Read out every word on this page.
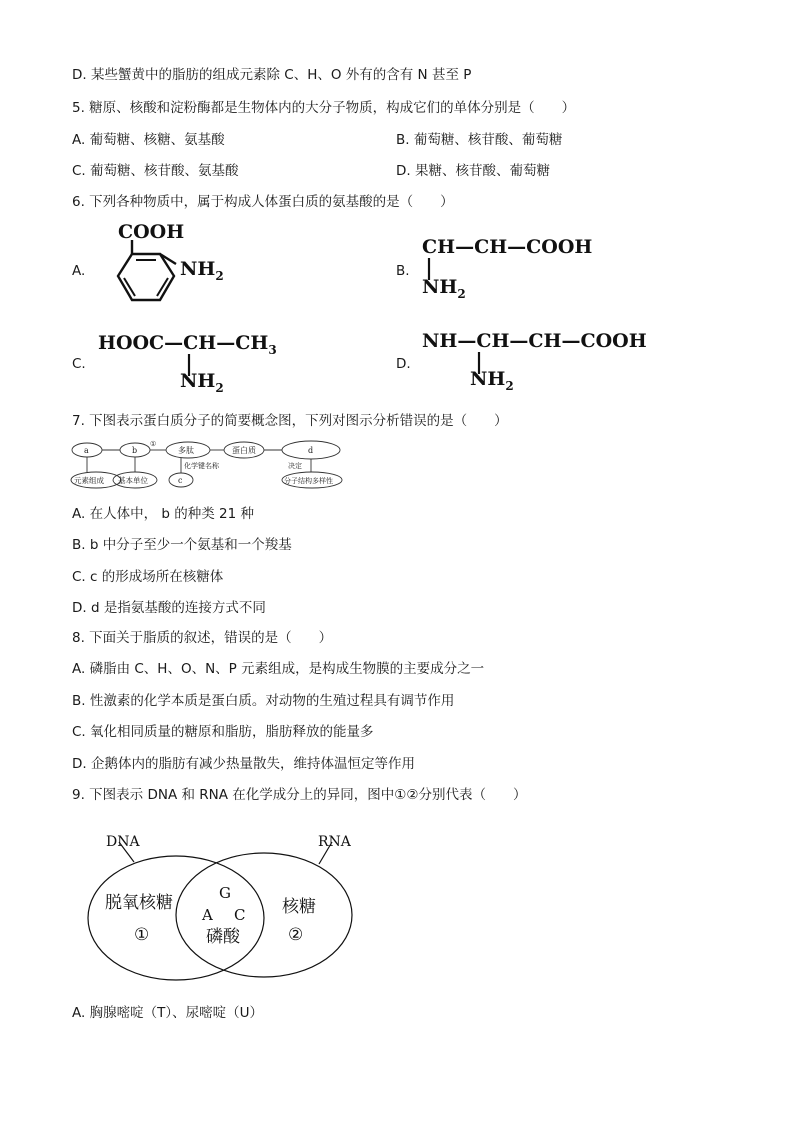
D. 某些蟹黄中的脂肪的组成元素除 C、H、O 外有的含有 N 甚至 P
5. 糖原、核酸和淀粉酶都是生物体内的大分子物质，构成它们的单体分别是（　　）
A. 葡萄糖、核糖、氨基酸	B. 葡萄糖、核苷酸、葡萄糖
C. 葡萄糖、核苷酸、氨基酸	D. 果糖、核苷酸、葡萄糖
6. 下列各种物质中，属于构成人体蛋白质的氨基酸的是（　　）
A.
COOH
$NH_2$	B.
CH—CH—COOH
$NH_2$
C.
$HOOC—CH—CH_3$
$NH_2$
D.
NH—CH—CH—COOH
$NH_2$
7. 下图表示蛋白质分子的简要概念图，下列对图示分析错误的是（　　）
a	b
①
多肽	蛋白质	d
元素组成 基本单位
化学键名称
c
决定
分子结构多样性
A. 在人体中， b 的种类 21 种
B. b 中分子至少一个氨基和一个羧基
C. c 的形成场所在核糖体
D. d 是指氨基酸的连接方式不同
8. 下面关于脂质的叙述，错误的是（　　）
A. 磷脂由 C、H、O、N、P 元素组成，是构成生物膜的主要成分之一
B. 性激素的化学本质是蛋白质。对动物的生殖过程具有调节作用
C. 氧化相同质量的糖原和脂肪，脂肪释放的能量多
D. 企鹅体内的脂肪有减少热量散失，维持体温恒定等作用
9. 下图表示 DNA 和 RNA 在化学成分上的异同，图中①②分别代表（　　）
DNA	RNA
脱氧核糖
①
G
A C
磷酸
核糖
②
A. 胸腺嘧啶（T）、尿嘧啶（U）
